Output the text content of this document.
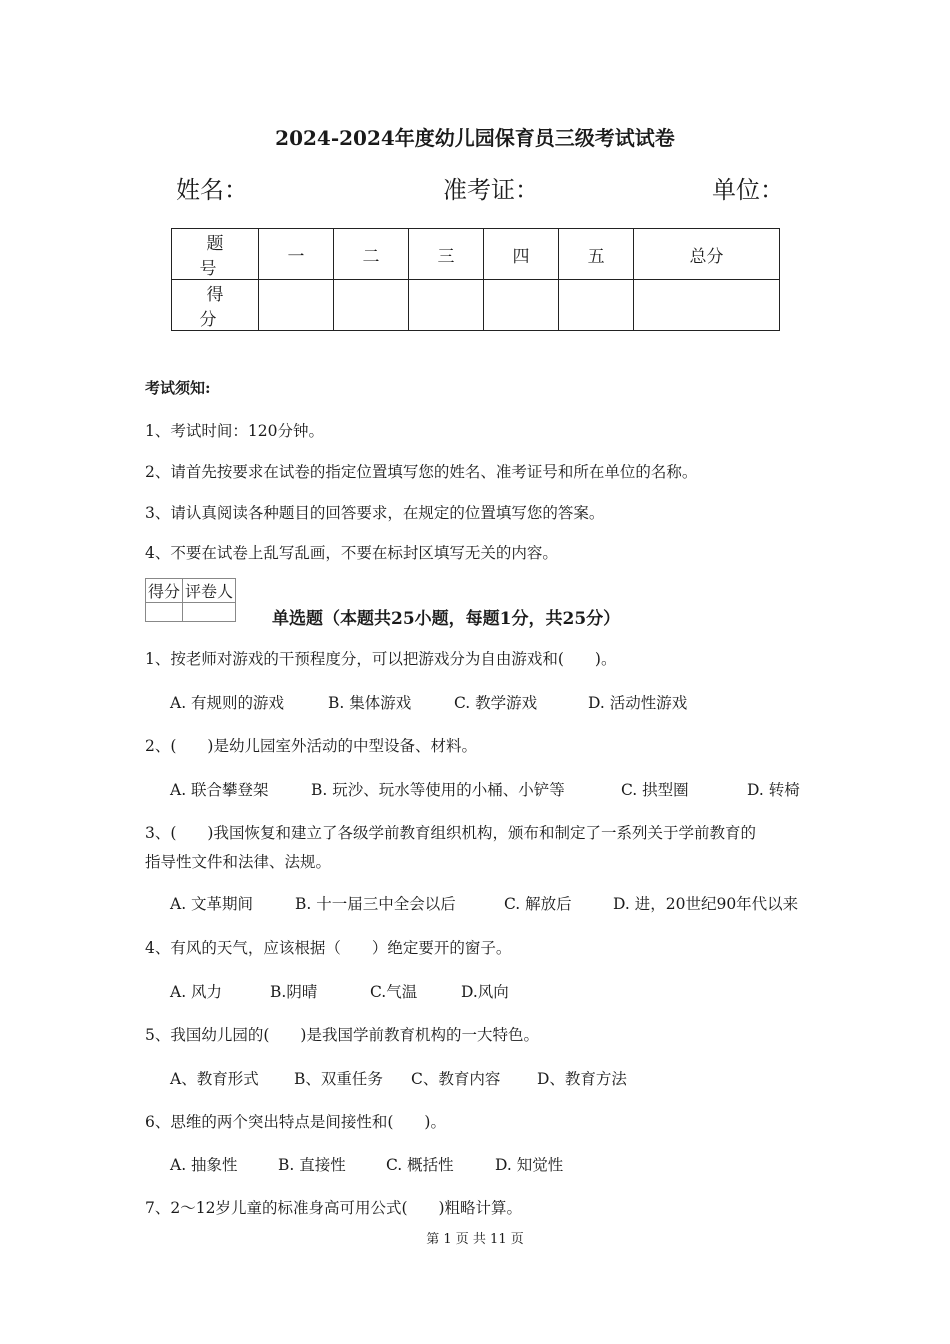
2024-2024年度幼儿园保育员三级考试试卷
姓名：	准考证：	单位：
题 号	一	二	三	四	五	总分
得 分						
考试须知:
1、考试时间：120分钟。
2、请首先按要求在试卷的指定位置填写您的姓名、准考证号和所在单位的名称。
3、请认真阅读各种题目的回答要求，在规定的位置填写您的答案。
4、不要在试卷上乱写乱画，不要在标封区填写无关的内容。
得分	评卷人

单选题（本题共25小题，每题1分，共25分）
1、按老师对游戏的干预程度分，可以把游戏分为自由游戏和(　　)。
A. 有规则的游戏	B. 集体游戏	C. 教学游戏	D. 活动性游戏
2、(　　)是幼儿园室外活动的中型设备、材料。
A. 联合攀登架	B. 玩沙、玩水等使用的小桶、小铲等	C. 拱型圈	D. 转椅
3、(　　)我国恢复和建立了各级学前教育组织机构，颁布和制定了一系列关于学前教育的
指导性文件和法律、法规。
A. 文革期间	B. 十一届三中全会以后	C. 解放后	D. 进，20世纪90年代以来
4、有风的天气，应该根据（　　）绝定要开的窗子。
A. 风力	B.阴晴	C.气温	D.风向
5、我国幼儿园的(　　)是我国学前教育机构的一大特色。
A、教育形式 B、双重任务 C、教育内容 D、教育方法
6、思维的两个突出特点是间接性和(　　)。
A. 抽象性	B. 直接性	C. 概括性	D. 知觉性
7、2～12岁儿童的标准身高可用公式(　　)粗略计算。
第 1 页 共 11 页
